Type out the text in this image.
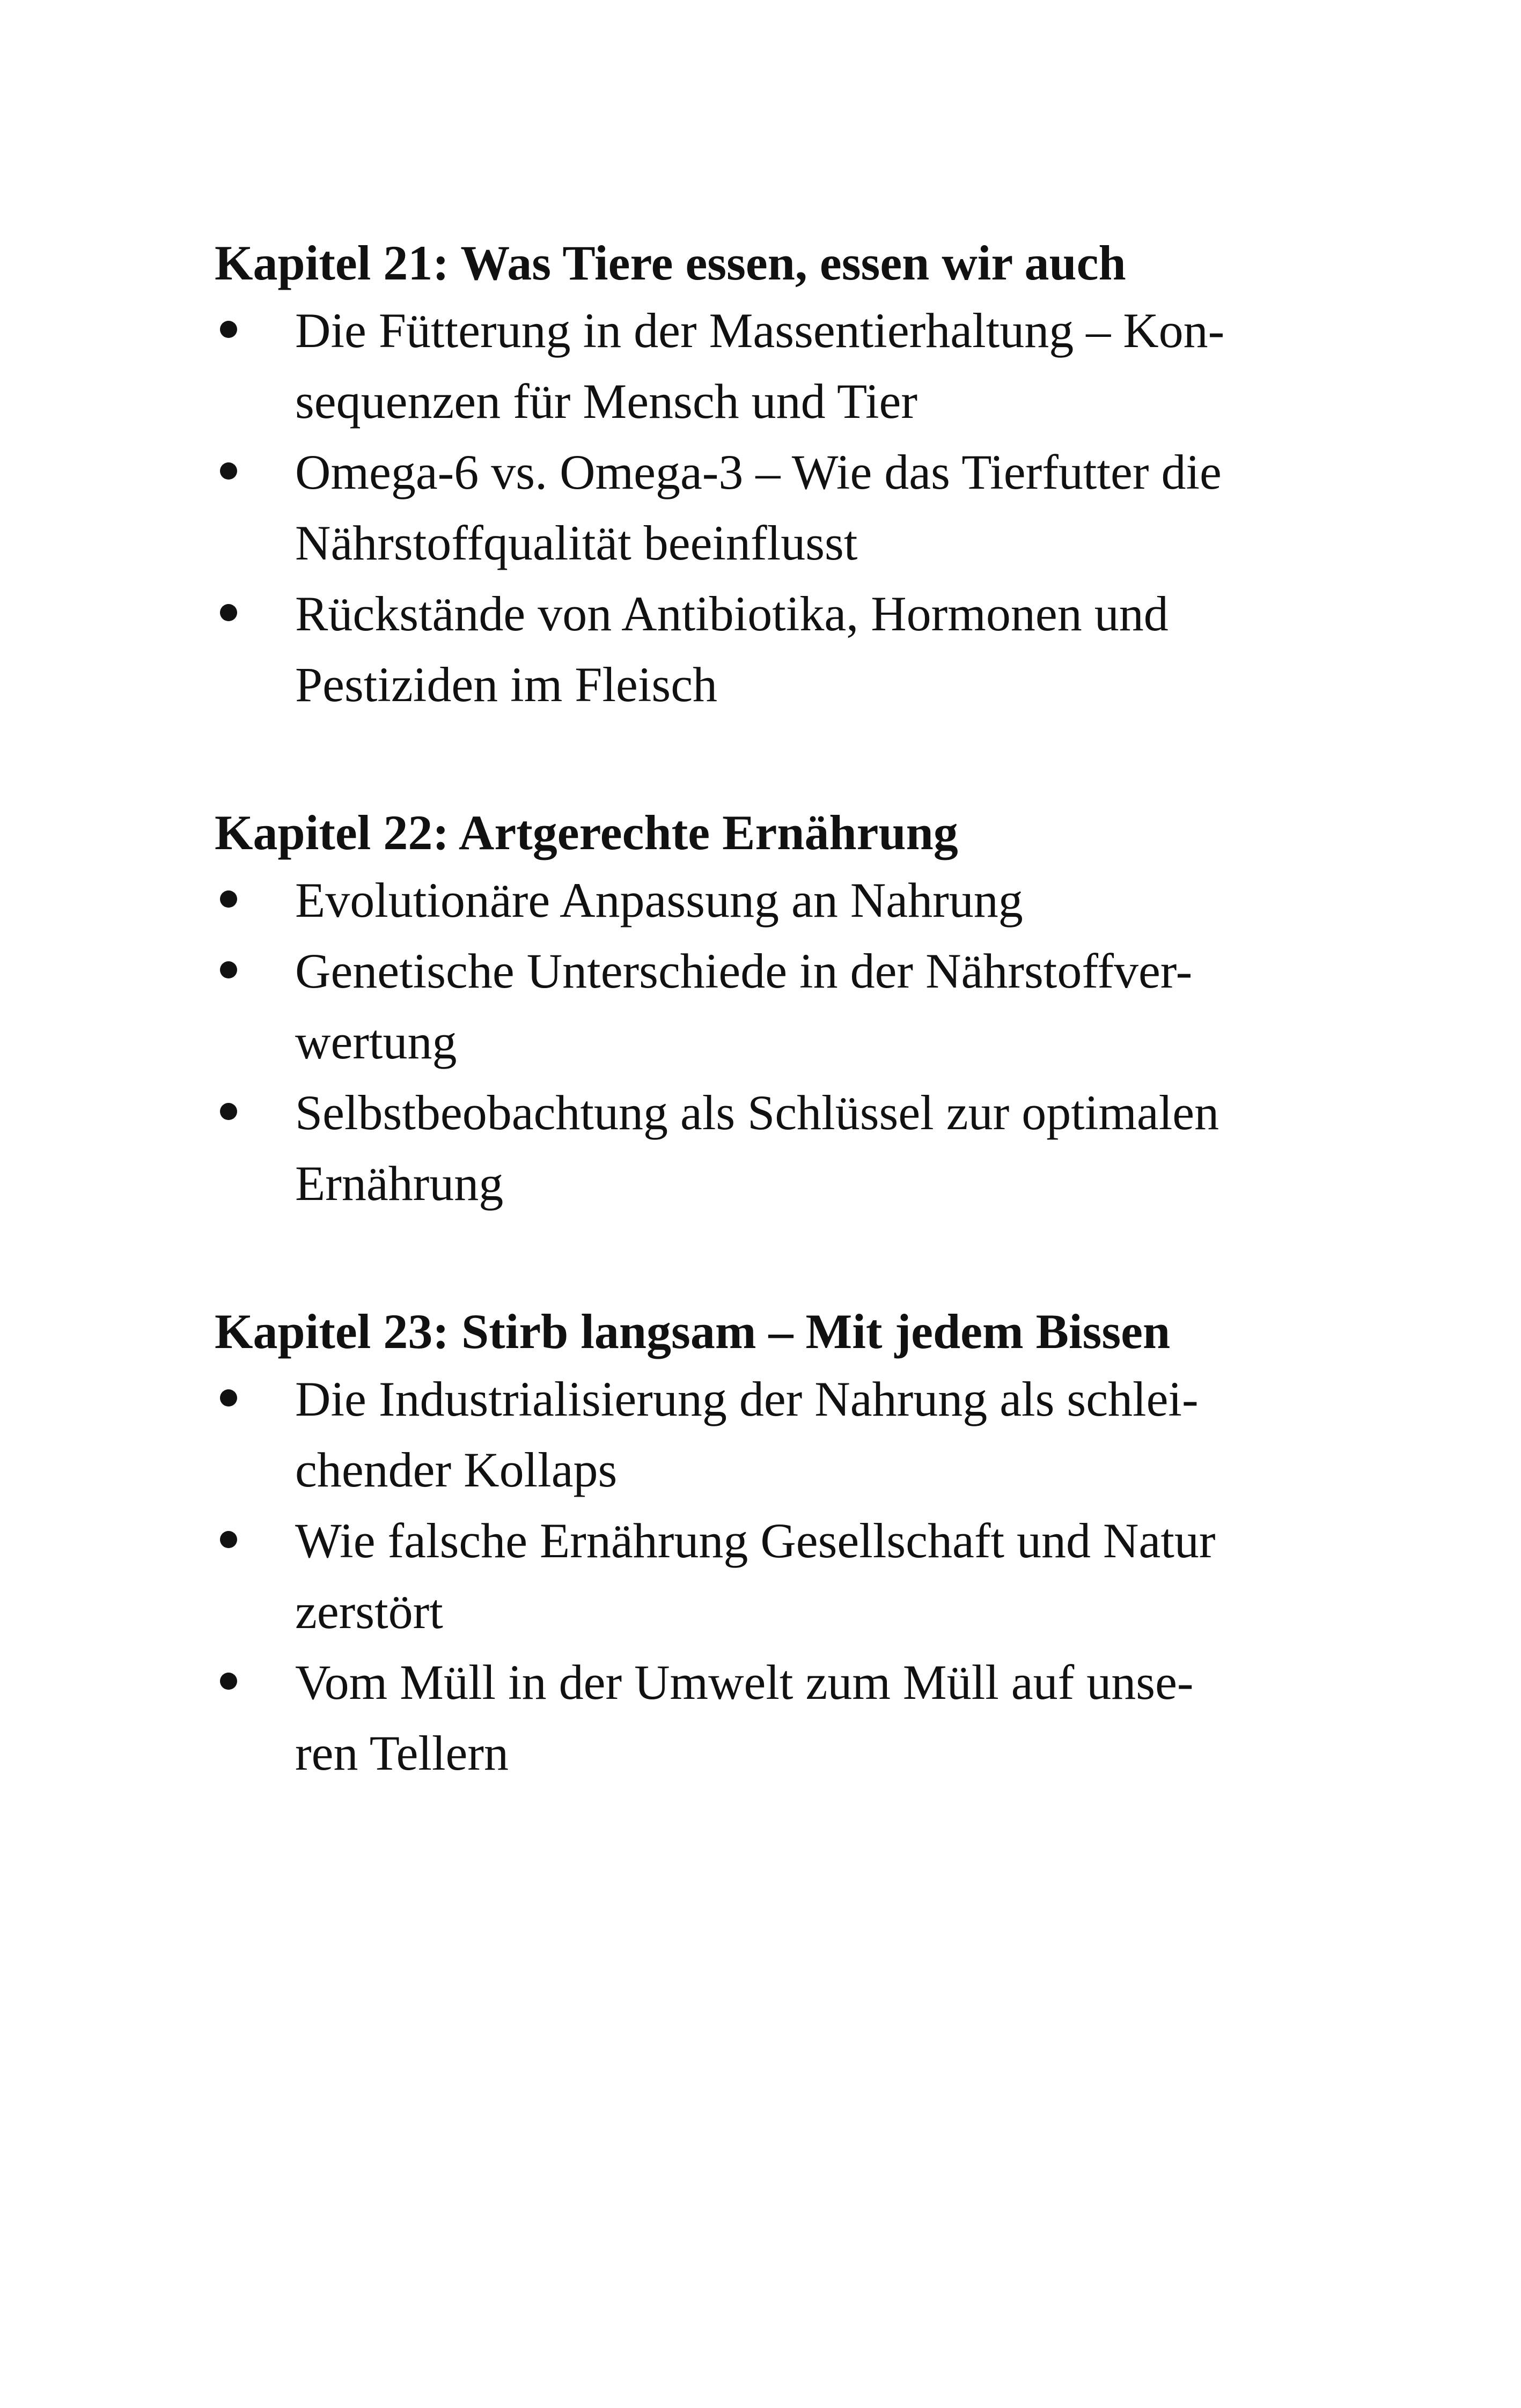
Kapitel 21: Was Tiere essen, essen wir auch
Die Fütterung in der Massentierhaltung – Kon-
sequenzen für Mensch und Tier
Omega-6 vs. Omega-3 – Wie das Tierfutter die
Nährstoffqualität beeinflusst
Rückstände von Antibiotika, Hormonen und
Pestiziden im Fleisch
Kapitel 22: Artgerechte Ernährung
Evolutionäre Anpassung an Nahrung
Genetische Unterschiede in der Nährstoffver-
wertung
Selbstbeobachtung als Schlüssel zur optimalen
Ernährung
Kapitel 23: Stirb langsam – Mit jedem Bissen
Die Industrialisierung der Nahrung als schlei-
chender Kollaps
Wie falsche Ernährung Gesellschaft und Natur
zerstört
Vom Müll in der Umwelt zum Müll auf unse-
ren Tellern
